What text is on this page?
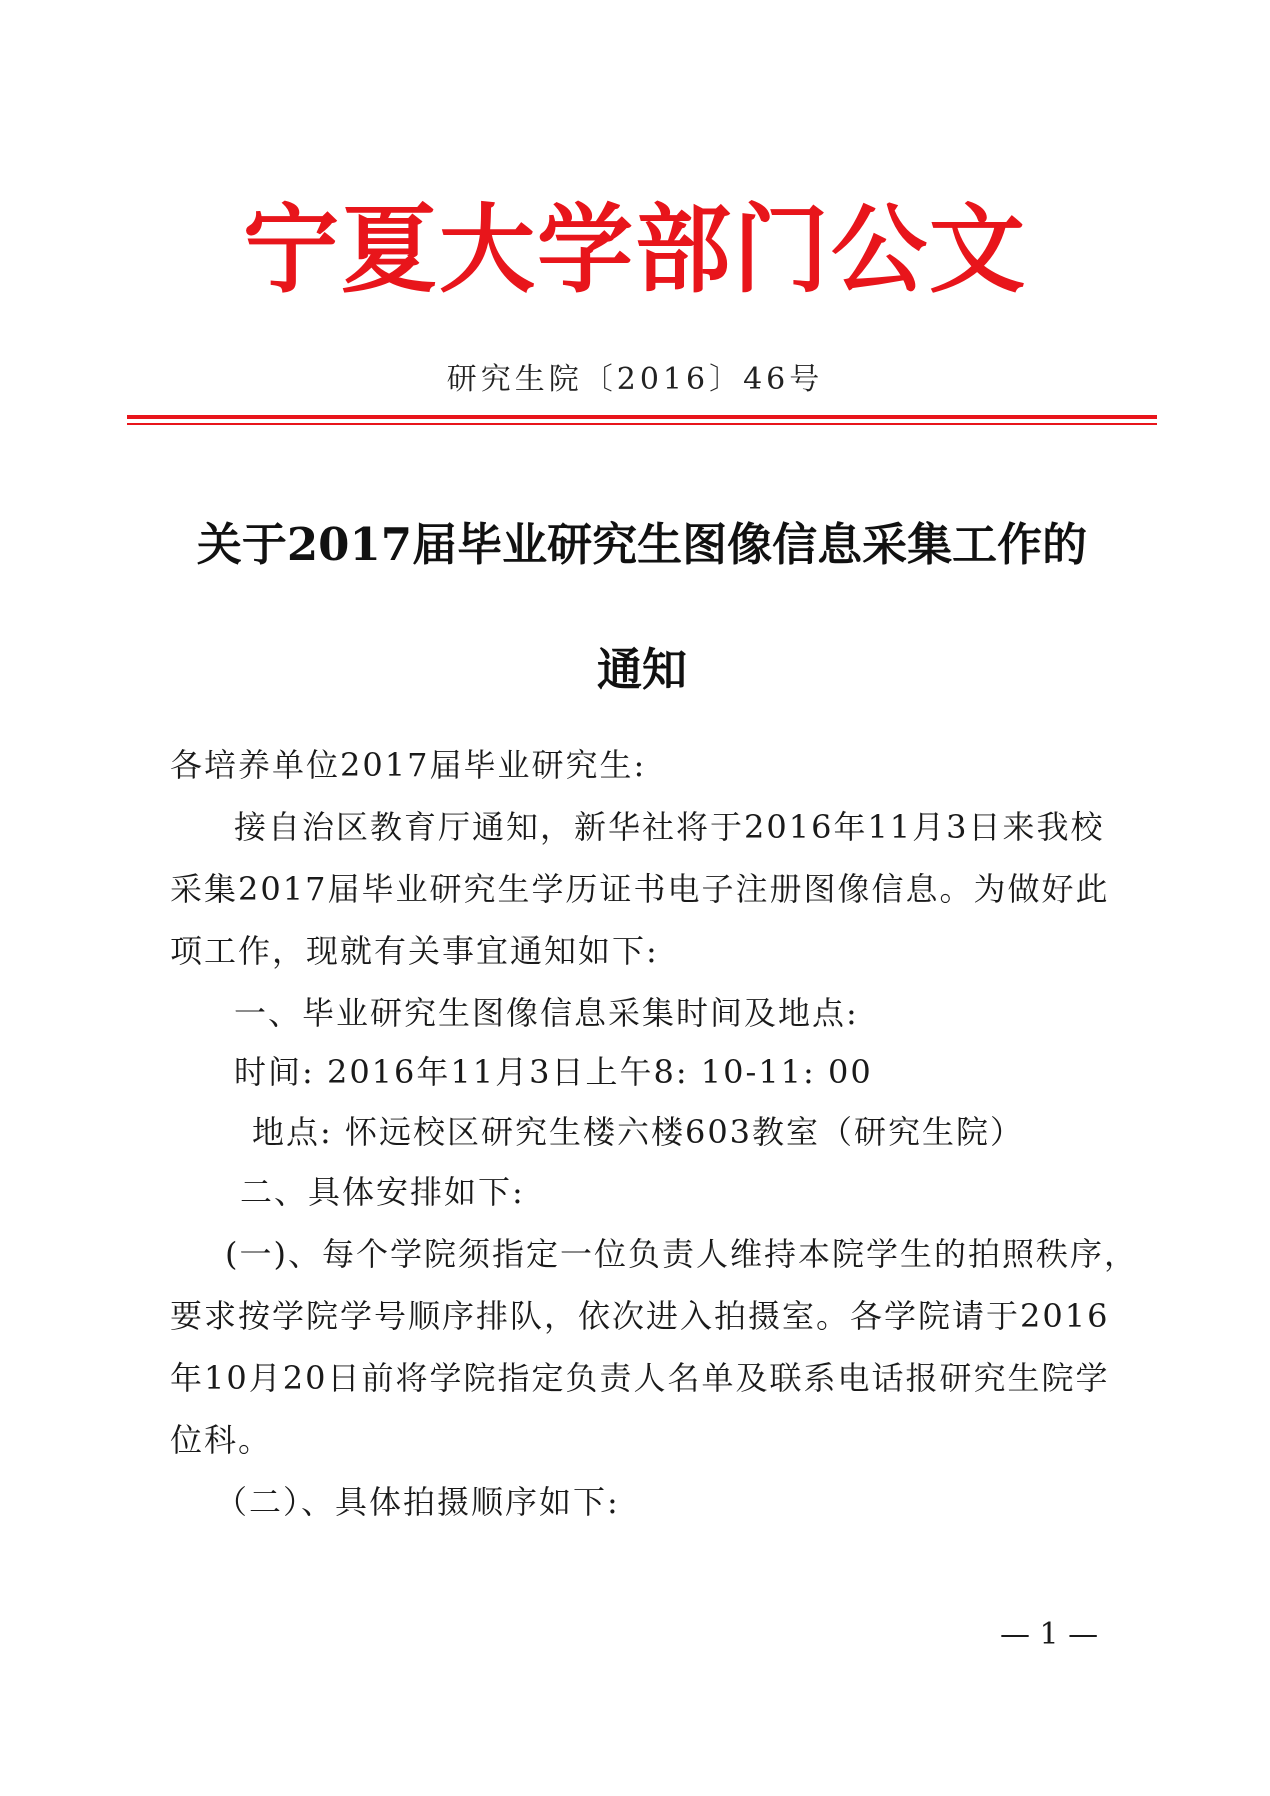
宁夏大学部门公文
研究生院〔2016〕46号
关于2017届毕业研究生图像信息采集工作的
通知
各培养单位2017届毕业研究生:
接自治区教育厅通知，新华社将于2016年11月3日来我校
采集2017届毕业研究生学历证书电子注册图像信息。为做好此
项工作，现就有关事宜通知如下:
一、毕业研究生图像信息采集时间及地点:
时间: 2016年11月3日上午8: 10-11: 00
地点: 怀远校区研究生楼六楼603教室（研究生院）
二、具体安排如下:
(一)、每个学院须指定一位负责人维持本院学生的拍照秩序，
要求按学院学号顺序排队，依次进入拍摄室。各学院请于2016
年10月20日前将学院指定负责人名单及联系电话报研究生院学
位科。
（二）、具体拍摄顺序如下:
— 1 —
